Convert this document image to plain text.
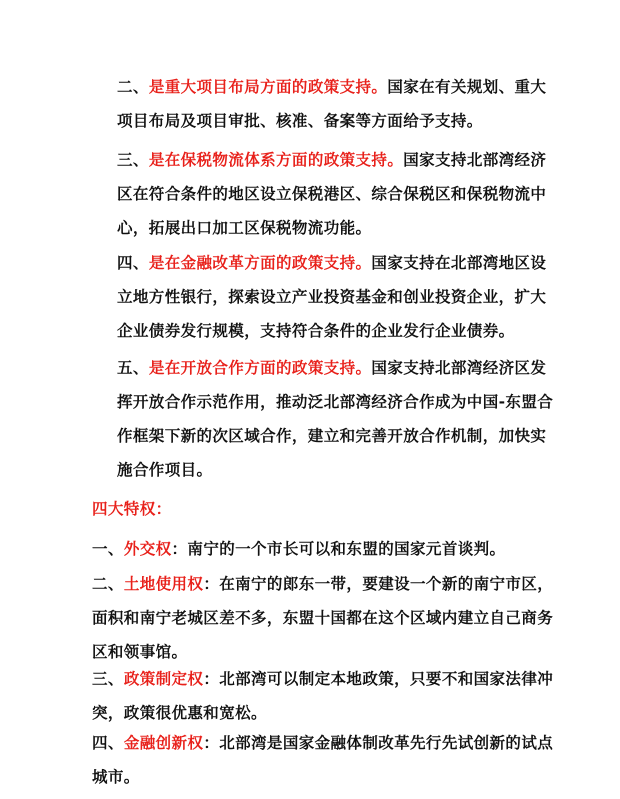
二、是重大项目布局方面的政策支持。国家在有关规划、重大项目布局及项目审批、核准、备案等方面给予支持。

三、是在保税物流体系方面的政策支持。国家支持北部湾经济区在符合条件的地区设立保税港区、综合保税区和保税物流中心，拓展出口加工区保税物流功能。

四、是在金融改革方面的政策支持。国家支持在北部湾地区设立地方性银行，探索设立产业投资基金和创业投资企业，扩大企业债券发行规模，支持符合条件的企业发行企业债券。

五、是在开放合作方面的政策支持。国家支持北部湾经济区发挥开放合作示范作用，推动泛北部湾经济合作成为中国-东盟合作框架下新的次区域合作，建立和完善开放合作机制，加快实施合作项目。

四大特权：

一、外交权：南宁的一个市长可以和东盟的国家元首谈判。

二、土地使用权：在南宁的郎东一带，要建设一个新的南宁市区，面积和南宁老城区差不多，东盟十国都在这个区域内建立自己商务区和领事馆。

三、政策制定权：北部湾可以制定本地政策，只要不和国家法律冲突，政策很优惠和宽松。

四、金融创新权：北部湾是国家金融体制改革先行先试创新的试点城市。
